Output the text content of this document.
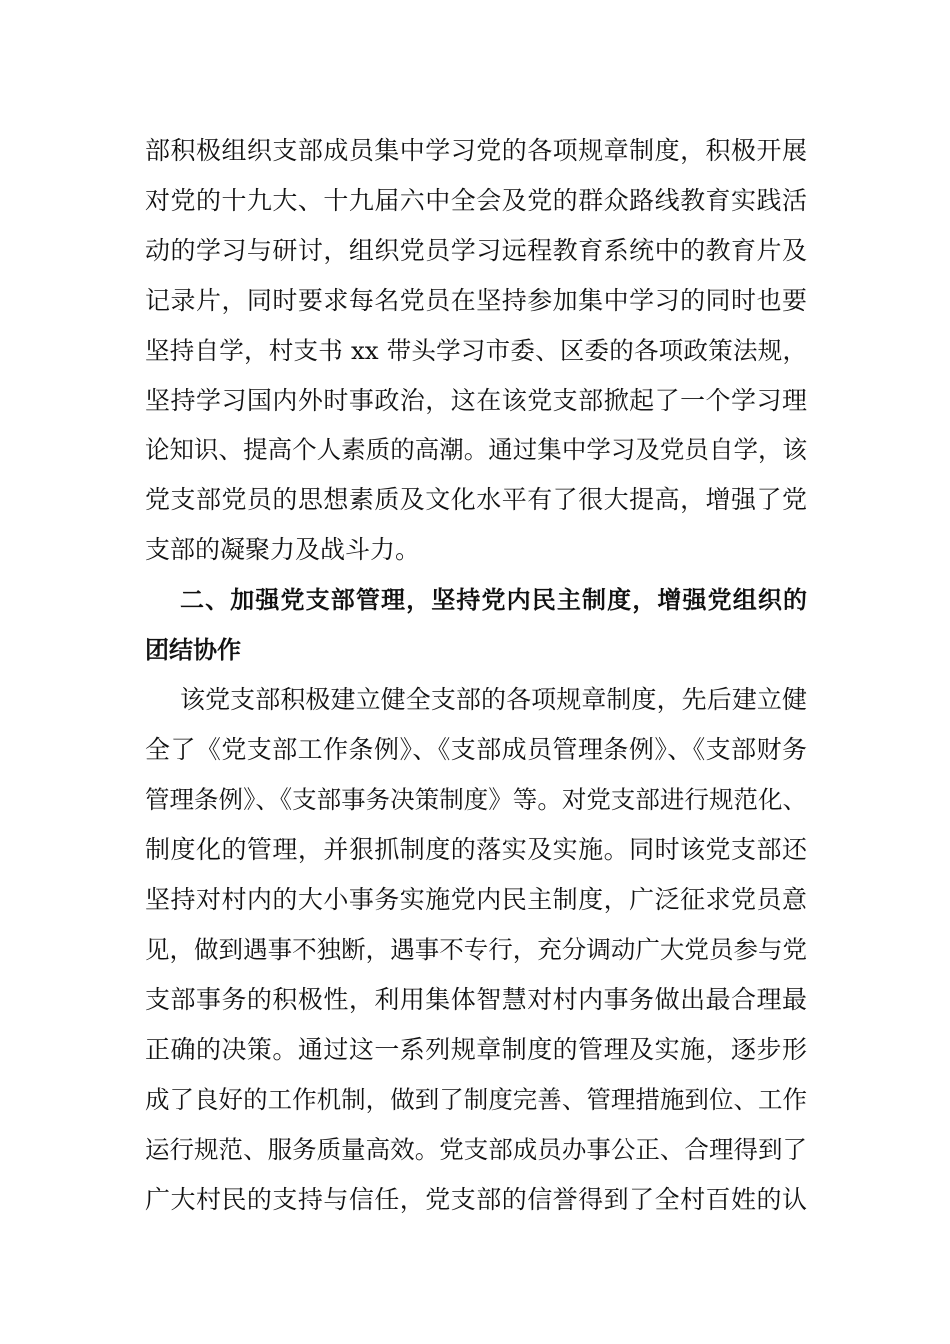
部积极组织支部成员集中学习党的各项规章制度，积极开展
对党的十九大、十九届六中全会及党的群众路线教育实践活
动的学习与研讨，组织党员学习远程教育系统中的教育片及
记录片，同时要求每名党员在坚持参加集中学习的同时也要
坚持自学，村支书 xx 带头学习市委、区委的各项政策法规，
坚持学习国内外时事政治，这在该党支部掀起了一个学习理
论知识、提高个人素质的高潮。通过集中学习及党员自学，该
党支部党员的思想素质及文化水平有了很大提高，增强了党
支部的凝聚力及战斗力。
二、加强党支部管理，坚持党内民主制度，增强党组织的
团结协作
该党支部积极建立健全支部的各项规章制度，先后建立健
全了《党支部工作条例》、《支部成员管理条例》、《支部财务
管理条例》、《支部事务决策制度》等。对党支部进行规范化、
制度化的管理，并狠抓制度的落实及实施。同时该党支部还
坚持对村内的大小事务实施党内民主制度，广泛征求党员意
见，做到遇事不独断，遇事不专行，充分调动广大党员参与党
支部事务的积极性，利用集体智慧对村内事务做出最合理最
正确的决策。通过这一系列规章制度的管理及实施，逐步形
成了良好的工作机制，做到了制度完善、管理措施到位、工作
运行规范、服务质量高效。党支部成员办事公正、合理得到了
广大村民的支持与信任，党支部的信誉得到了全村百姓的认
